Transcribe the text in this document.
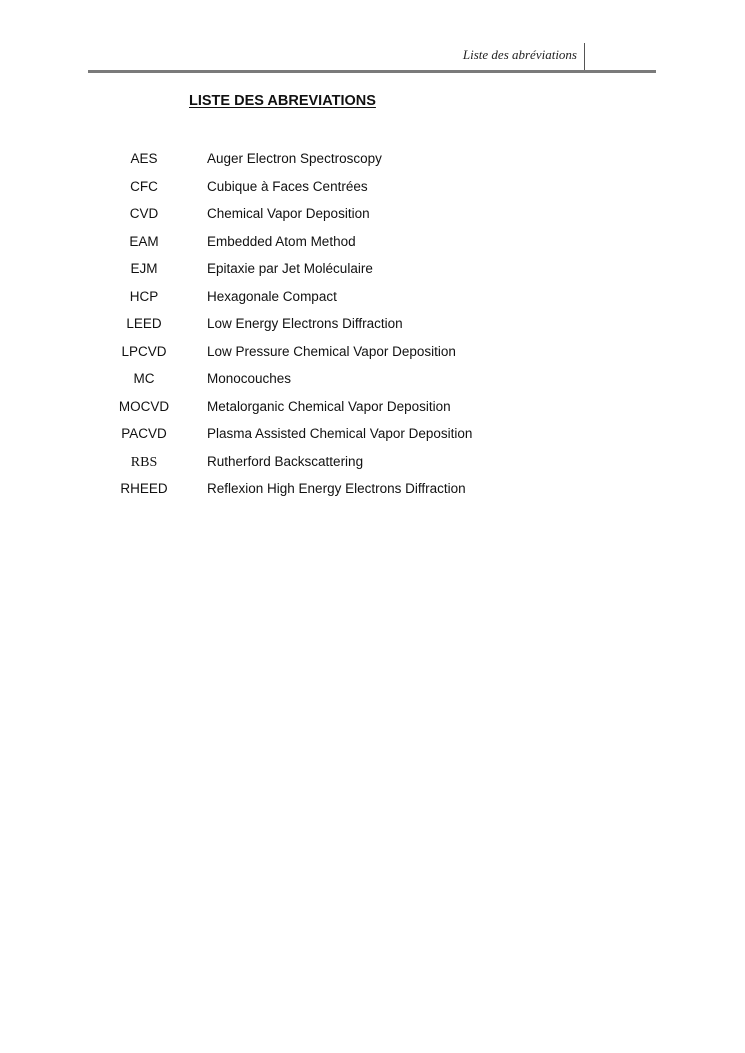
Liste des abréviations
LISTE DES ABREVIATIONS
AES	Auger Electron Spectroscopy
CFC	Cubique à Faces Centrées
CVD	Chemical Vapor Deposition
EAM	Embedded Atom Method
EJM	Epitaxie par Jet Moléculaire
HCP	Hexagonale Compact
LEED	Low Energy Electrons Diffraction
LPCVD	Low Pressure Chemical Vapor Deposition
MC	Monocouches
MOCVD	Metalorganic Chemical Vapor Deposition
PACVD	Plasma Assisted Chemical Vapor Deposition
RBS	Rutherford Backscattering
RHEED	Reflexion High Energy Electrons Diffraction
